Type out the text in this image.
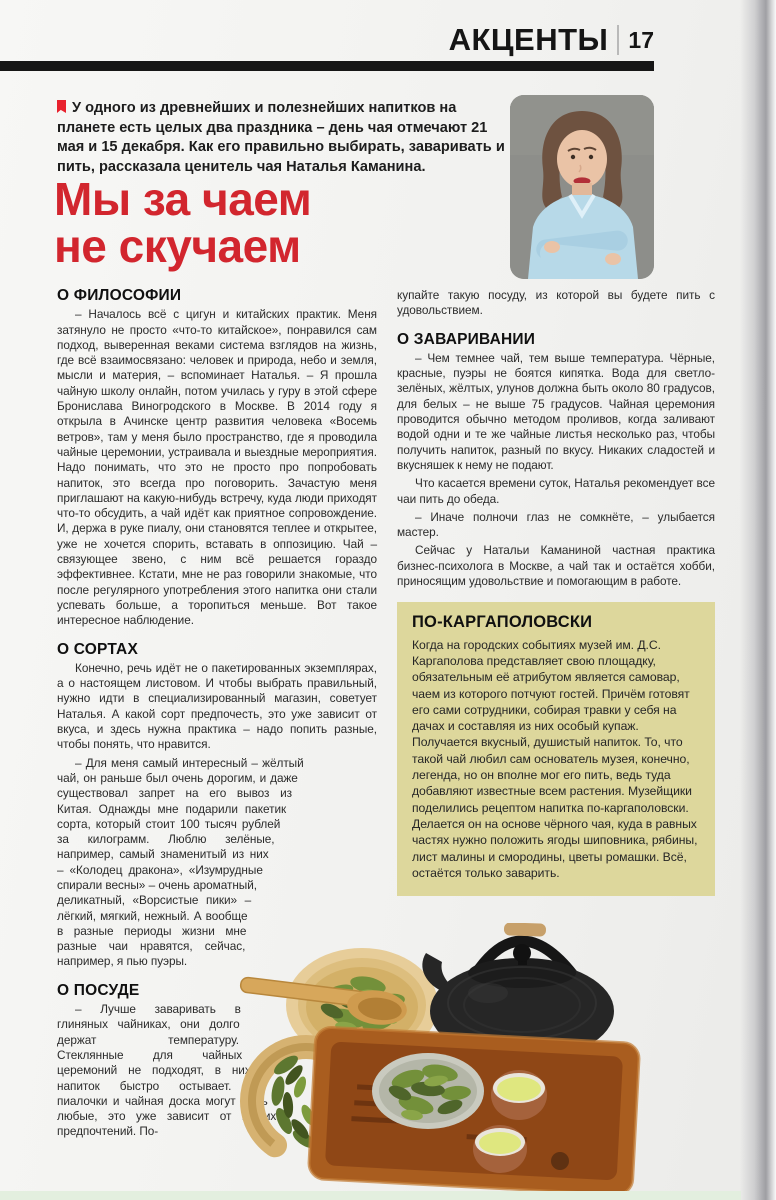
АКЦЕНТЫ 17
У одного из древнейших и полезнейших напитков на планете есть целых два праздника – день чая отмечают 21 мая и 15 декабря. Как его правильно выбирать, заваривать и пить, рассказала ценитель чая Наталья Каманина.
Мы за чаем
не скучаем
О ФИЛОСОФИИ

– Началось всё с цигун и китайских практик. Меня затянуло не просто «что-то китайское», понравился сам подход, выверенная веками система взглядов на жизнь, где всё взаимосвязано: человек и природа, небо и земля, мысли и материя, – вспоминает Наталья. – Я прошла чайную школу онлайн, потом училась у гуру в этой сфере Бронислава Виногродского в Москве. В 2014 году я открыла в Ачинске центр развития человека «Восемь ветров», там у меня было пространство, где я проводила чайные церемонии, устраивала и выездные мероприятия. Надо понимать, что это не просто про попробовать напиток, это всегда про поговорить. Зачастую меня приглашают на какую-нибудь встречу, куда люди приходят что-то обсудить, а чай идёт как приятное сопровождение. И, держа в руке пиалу, они становятся теплее и открытее, уже не хочется спорить, вставать в оппозицию. Чай – связующее звено, с ним всё решается гораздо эффективнее. Кстати, мне не раз говорили знакомые, что после регулярного употребления этого напитка они стали успевать больше, а торопиться меньше. Вот такое интересное наблюдение.

О СОРТАХ

Конечно, речь идёт не о пакетированных экземплярах, а о настоящем листовом. И чтобы выбрать правильный, нужно идти в специализированный магазин, советует Наталья. А какой сорт предпочесть, это уже зависит от вкуса, и здесь нужна практика – надо попить разные, чтобы понять, что нравится.

– Для меня самый интересный – жёлтый чай, он раньше был очень дорогим, и даже существовал запрет на его вывоз из Китая. Однажды мне подарили пакетик сорта, который стоит 100 тысяч рублей за килограмм. Люблю зелёные, например, самый знаменитый из них – «Колодец дракона», «Изумрудные спирали весны» – очень ароматный, деликатный, «Ворсистые пики» – лёгкий, мягкий, нежный. А вообще в разные периоды жизни мне разные чаи нравятся, сейчас, например, я пью пуэры.

О ПОСУДЕ

– Лучше заваривать в глиняных чайниках, они долго держат температуру. Стеклянные для чайных церемоний не подходят, в них напиток быстро остывает. А пиалочки и чайная доска могут быть любые, это уже зависит от ваших предпочтений. По-

купайте такую посуду, из которой вы будете пить с удовольствием.

О ЗАВАРИВАНИИ

– Чем темнее чай, тем выше температура. Чёрные, красные, пуэры не боятся кипятка. Вода для светло-зелёных, жёлтых, улунов должна быть около 80 градусов, для белых – не выше 75 градусов. Чайная церемония проводится обычно методом проливов, когда заливают водой одни и те же чайные листья несколько раз, чтобы получить напиток, разный по вкусу. Никаких сладостей и вкусняшек к нему не подают.

Что касается времени суток, Наталья рекомендует все чаи пить до обеда.

– Иначе полночи глаз не сомкнёте, – улыбается мастер.

Сейчас у Натальи Каманиной частная практика бизнес-психолога в Москве, а чай так и остаётся хобби, приносящим удовольствие и помогающим в работе.

ПО-КАРГАПОЛОВСКИ

Когда на городских событиях музей им. Д.С. Каргаполова представляет свою площадку, обязательным её атрибутом является самовар, чаем из которого потчуют гостей. Причём готовят его сами сотрудники, собирая травки у себя на дачах и составляя из них особый купаж. Получается вкусный, душистый напиток. То, что такой чай любил сам основатель музея, конечно, легенда, но он вполне мог его пить, ведь туда добавляют известные всем растения. Музейщики поделились рецептом напитка по-каргаполовски. Делается он на основе чёрного чая, куда в равных частях нужно положить ягоды шиповника, рябины, лист малины и смородины, цветы ромашки. Всё, остаётся только заварить.
